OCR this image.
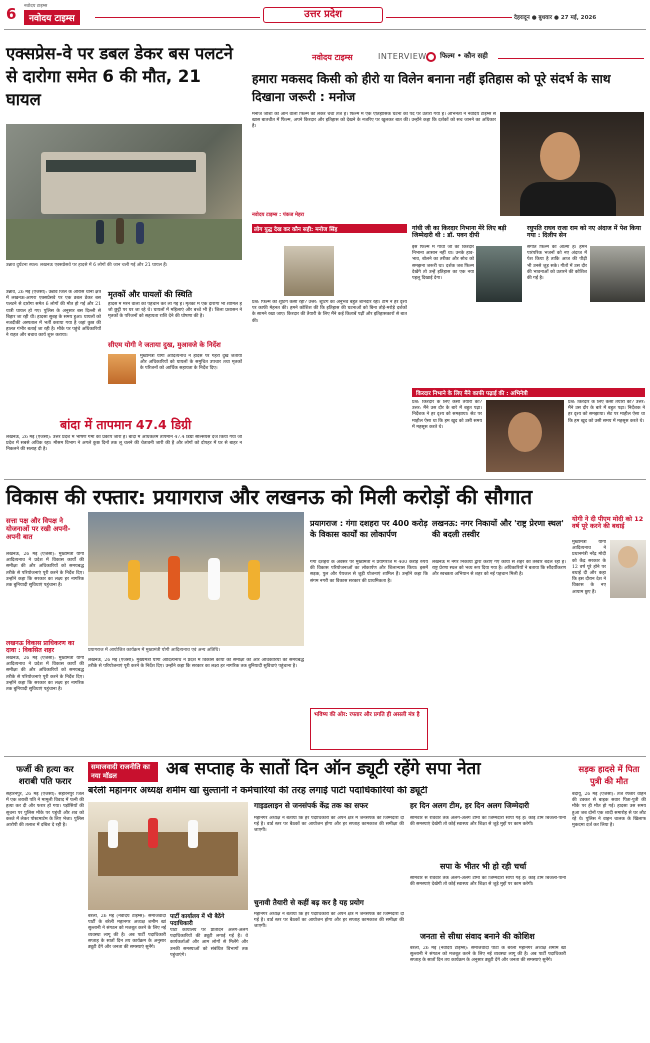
6 नवोदय टाइम्स
नवोदय टाइम्स	उत्तर प्रदेश	देहरादून ● बुधवार ● 27 मई, 2026
एक्सप्रेस-वे पर डबल डेकर बस पलटने से दारोगा समेत 6 की मौत, 21 घायल
उन्नाव दुर्घटना स्थल। लखनऊ एक्सप्रेसवे पर हादसे में 6 लोगों की जान चली गई और 21 घायल हैं।
उन्नाव, 26 मई (एजेंसी): उन्नाव जिले के औरास थाना क्षेत्र में लखनऊ-आगरा एक्सप्रेसवे पर एक डबल डेकर बस पलटने से दारोगा समेत 6 लोगों की मौत हो गई और 21 यात्री घायल हो गए। पुलिस के अनुसार बस दिल्ली से बिहार जा रही थी। हादसा सुबह के समय हुआ। घायलों को नजदीकी अस्पताल में भर्ती कराया गया है जहां कुछ की हालत गंभीर बताई जा रही है। मौके पर पहुंचे अधिकारियों ने राहत और बचाव कार्य शुरू कराया।
मृतकों और घायलों की स्थिति
हादसे में मरने वालों की पहचान कर ली गई है। मृतकों में एक दारोगा भी शामिल है जो छुट्टी पर घर जा रहे थे। घायलों में महिलाएं और बच्चे भी हैं। जिला प्रशासन ने मृतकों के परिजनों को सहायता राशि देने की घोषणा की है।
सीएम योगी ने जताया दुख, मुआवजे के निर्देश
मुख्यमंत्री योगी आदित्यनाथ ने हादसे पर गहरा दुख जताया और अधिकारियों को घायलों के समुचित उपचार तथा मृतकों के परिजनों को आर्थिक सहायता के निर्देश दिए।
बांदा में तापमान 47.4 डिग्री
लखनऊ, 26 मई (एजेंसी): उत्तर प्रदेश में भीषण गर्मी का प्रकोप जारी है। बांदा में अधिकतम तापमान 47.4 डिग्री सेल्सियस दर्ज किया गया जो प्रदेश में सबसे अधिक रहा। मौसम विभाग ने अगले कुछ दिनों तक लू चलने की चेतावनी जारी की है और लोगों को दोपहर में घर से बाहर न निकलने की सलाह दी है।
नवोदय टाइम्स	INTERVIEW फिल्म • कौन सही
हमारा मकसद किसी को हीरो या विलेन बनाना नहीं इतिहास को पूरे संदर्भ के साथ दिखाना जरूरी : मनोज
मनोज जोशी की आने वाली फिल्म को लेकर चर्चा तेज है। फिल्म में एक ऐतिहासिक घटना को पर्दे पर उतारा गया है। अभिनेता ने नवोदय टाइम्स से खास बातचीत में फिल्म, अपने किरदार और इतिहास को देखने के नजरिए पर खुलकर बात की। उन्होंने कहा कि दर्शकों को सच जानने का अधिकार है।
नवोदय टाइम्स : पंकज मेहरा
लोग युद्ध देख कर कौन सही: मनोज सिंह
प्रश्न: फिल्म की शूटिंग कैसी रही? उत्तर: शूटिंग का अनुभव बहुत शानदार रहा। टीम ने हर दृश्य पर काफी मेहनत की। हमने कोशिश की कि इतिहास की घटनाओं को बिना तोड़े-मरोड़े दर्शकों के सामने रखा जाए। किरदार की तैयारी के लिए मैंने कई किताबें पढ़ीं और इतिहासकारों से बात की।
गांधी जी का किरदार निभाना मेरे लिए बड़ी जिम्मेदारी थी : डॉ. पवन दीपी
इस फिल्म में गांधी जी का किरदार निभाना आसान नहीं था। उनके हाव-भाव, बोलने का तरीका और सोच को समझना जरूरी था। दर्शक जब फिल्म देखेंगे तो उन्हें इतिहास का एक नया पहलू दिखाई देगा।
रघुपति राघव राजा राम को नए अंदाज में पेश किया गया : दिलीप सेन
संगीत फिल्म की आत्मा है। हमने पारंपरिक भजनों को नए अंदाज में पेश किया है ताकि आज की पीढ़ी भी उनसे जुड़ सके। गीतों में उस दौर की भावनाओं को उतारने की कोशिश की गई है।
किरदार निभाने के लिए मैंने काफी पढ़ाई की : अभिनेत्री
प्रश्न: किरदार के लिए कैसी तैयारी की? उत्तर: मैंने उस दौर के बारे में बहुत पढ़ा। निर्देशक ने हर दृश्य को समझाया। सेट पर माहौल ऐसा था कि हम खुद को उसी समय में महसूस करते थे।
प्रश्न: किरदार के लिए कैसी तैयारी की? उत्तर: मैंने उस दौर के बारे में बहुत पढ़ा। निर्देशक ने हर दृश्य को समझाया। सेट पर माहौल ऐसा था कि हम खुद को उसी समय में महसूस करते थे।
विकास की रफ्तार: प्रयागराज और लखनऊ को मिली करोड़ों की सौगात
सत्ता पक्ष और विपक्ष ने योजनाओं पर रखी अपनी-अपनी बात
लखनऊ, 26 मई (एजेंसी): मुख्यमंत्री योगी आदित्यनाथ ने प्रदेश में विकास कार्यों की समीक्षा की और अधिकारियों को समयबद्ध तरीके से परियोजनाएं पूरी करने के निर्देश दिए। उन्होंने कहा कि सरकार का लक्ष्य हर नागरिक तक बुनियादी सुविधाएं पहुंचाना है।
प्रयागराज में आयोजित कार्यक्रम में मुख्यमंत्री योगी आदित्यनाथ एवं अन्य अतिथि।
लखनऊ विकास प्राधिकरण का दावा : विकसित शहर
लखनऊ, 26 मई (एजेंसी): मुख्यमंत्री योगी आदित्यनाथ ने प्रदेश में विकास कार्यों की समीक्षा की और अधिकारियों को समयबद्ध तरीके से परियोजनाएं पूरी करने के निर्देश दिए। उन्होंने कहा कि सरकार का लक्ष्य हर नागरिक तक बुनियादी सुविधाएं पहुंचाना है।
लखनऊ, 26 मई (एजेंसी): मुख्यमंत्री योगी आदित्यनाथ ने प्रदेश में विकास कार्यों की समीक्षा की और अधिकारियों को समयबद्ध तरीके से परियोजनाएं पूरी करने के निर्देश दिए। उन्होंने कहा कि सरकार का लक्ष्य हर नागरिक तक बुनियादी सुविधाएं पहुंचाना है।
प्रयागराज : गंगा दशहरा पर 400 करोड़ के विकास कार्यों का लोकार्पण
गंगा दशहरा के अवसर पर मुख्यमंत्री ने प्रयागराज में 400 करोड़ रुपये की विकास परियोजनाओं का लोकार्पण और शिलान्यास किया। इसमें सड़क, पुल और पेयजल से जुड़ी योजनाएं शामिल हैं। उन्होंने कहा कि संगम नगरी का विकास सरकार की प्राथमिकता है।
भविष्य की ओर: रफ्तार और प्रगति ही असली मंत्र है
लखनऊ: नगर निकायों और 'राष्ट्र प्रेरणा स्थल' की बदली तस्वीर
लखनऊ में नगर निकायों द्वारा कराए गए कार्यों से शहर की तस्वीर बदल रही है। राष्ट्र प्रेरणा स्थल को भव्य रूप दिया गया है। अधिकारियों ने बताया कि सौंदर्यीकरण और स्वच्छता अभियान से शहर को नई पहचान मिली है।
योगी ने दी पीएम मोदी को 12 वर्ष पूरे करने की बधाई
मुख्यमंत्री योगी आदित्यनाथ ने प्रधानमंत्री नरेंद्र मोदी को केंद्र सरकार के 12 वर्ष पूरे होने पर बधाई दी और कहा कि इस दौरान देश ने विकास के नए आयाम छुए हैं।
फर्जी की हत्या कर शराबी पति फरार
सहारनपुर, 26 मई (एजेंसी): सहारनपुर जिले में एक शराबी पति ने मामूली विवाद में पत्नी की हत्या कर दी और फरार हो गया। पड़ोसियों की सूचना पर पुलिस मौके पर पहुंची और शव को कब्जे में लेकर पोस्टमार्टम के लिए भेजा। पुलिस आरोपी की तलाश में दबिश दे रही है।
समाजवादी राजनीति का नया मॉडल	अब सप्ताह के सातों दिन ऑन ड्यूटी रहेंगे सपा नेता
बरेली महानगर अध्यक्ष शमीम खां सुल्तानी ने कर्मचारियों की तरह लगाई पार्टी पदाधिकारियों की ड्यूटी
बरेली, 26 मई (नवोदय टाइम्स): समाजवादी पार्टी के बरेली महानगर अध्यक्ष शमीम खां सुल्तानी ने संगठन को मजबूत करने के लिए नई व्यवस्था लागू की है। अब पार्टी पदाधिकारी सप्ताह के सातों दिन तय कार्यक्रम के अनुसार ड्यूटी देंगे और जनता की समस्याएं सुनेंगे।
पार्टी कार्यालय में भी बैठेंगे पदाधिकारी
पार्टी कार्यालय पर प्रतिदिन अलग-अलग पदाधिकारियों की ड्यूटी लगाई गई है। वे कार्यकर्ताओं और आम लोगों से मिलेंगे और उनकी समस्याओं को संबंधित विभागों तक पहुंचाएंगे।
गाइडलाइन से जनसंपर्क केंद्र तक का सफर
महानगर अध्यक्ष ने बताया कि हर पदाधिकारी को अपने क्षेत्र में जनसंपर्क की जिम्मेदारी दी गई है। वार्ड स्तर पर बैठकों का आयोजन होगा और हर सप्ताह कामकाज की समीक्षा की जाएगी।
चुनावी तैयारी से कहीं बढ़ कर है यह प्रयोग
महानगर अध्यक्ष ने बताया कि हर पदाधिकारी को अपने क्षेत्र में जनसंपर्क की जिम्मेदारी दी गई है। वार्ड स्तर पर बैठकों का आयोजन होगा और हर सप्ताह कामकाज की समीक्षा की जाएगी।
हर दिन अलग टीम, हर दिन अलग जिम्मेदारी
सोमवार से रविवार तक अलग-अलग टीमों को जिम्मेदारी सौंपी गई है। कोई टीम बिजली-पानी की समस्याएं देखेगी तो कोई स्वास्थ्य और शिक्षा से जुड़े मुद्दों पर काम करेगी।
सपा के भीतर भी हो रही चर्चा
सोमवार से रविवार तक अलग-अलग टीमों को जिम्मेदारी सौंपी गई है। कोई टीम बिजली-पानी की समस्याएं देखेगी तो कोई स्वास्थ्य और शिक्षा से जुड़े मुद्दों पर काम करेगी।
जनता से सीधा संवाद बनाने की कोशिश
बरेली, 26 मई (नवोदय टाइम्स): समाजवादी पार्टी के बरेली महानगर अध्यक्ष शमीम खां सुल्तानी ने संगठन को मजबूत करने के लिए नई व्यवस्था लागू की है। अब पार्टी पदाधिकारी सप्ताह के सातों दिन तय कार्यक्रम के अनुसार ड्यूटी देंगे और जनता की समस्याएं सुनेंगे।
सड़क हादसे में पिता पुत्री की मौत
बदायूं, 26 मई (एजेंसी): तेज रफ्तार वाहन की टक्कर से बाइक सवार पिता-पुत्री की मौके पर ही मौत हो गई। हादसा उस समय हुआ जब दोनों एक शादी समारोह से घर लौट रहे थे। पुलिस ने वाहन चालक के खिलाफ मुकदमा दर्ज कर लिया है।
